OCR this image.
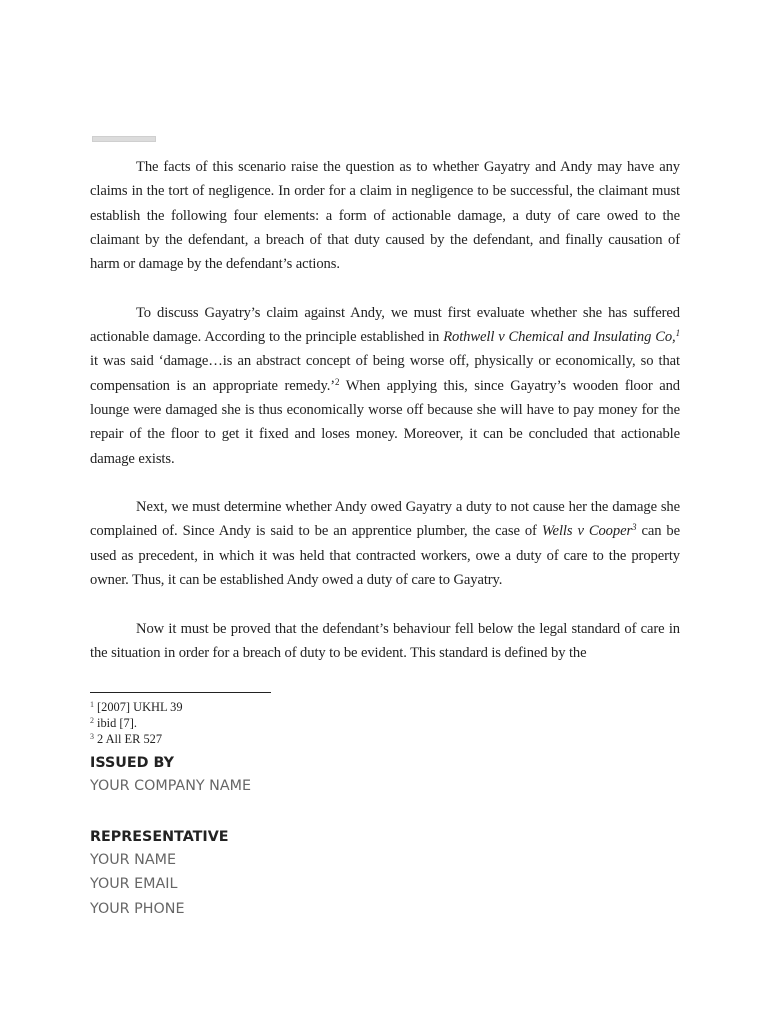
The facts of this scenario raise the question as to whether Gayatry and Andy may have any claims in the tort of negligence. In order for a claim in negligence to be successful, the claimant must establish the following four elements: a form of actionable damage, a duty of care owed to the claimant by the defendant, a breach of that duty caused by the defendant, and finally causation of harm or damage by the defendant’s actions.

To discuss Gayatry’s claim against Andy, we must first evaluate whether she has suffered actionable damage. According to the principle established in Rothwell v Chemical and Insulating Co,$^1$ it was said ‘damage…is an abstract concept of being worse off, physically or economically, so that compensation is an appropriate remedy.’$^2$ When applying this, since Gayatry’s wooden floor and lounge were damaged she is thus economically worse off because she will have to pay money for the repair of the floor to get it fixed and loses money. Moreover, it can be concluded that actionable damage exists.

Next, we must determine whether Andy owed Gayatry a duty to not cause her the damage she complained of. Since Andy is said to be an apprentice plumber, the case of Wells v Cooper$^3$ can be used as precedent, in which it was held that contracted workers, owe a duty of care to the property owner. Thus, it can be established Andy owed a duty of care to Gayatry.

Now it must be proved that the defendant’s behaviour fell below the legal standard of care in the situation in order for a breach of duty to be evident. This standard is defined by the

$^1$ [2007] UKHL 39
$^2$ ibid [7].
$^3$ 2 All ER 527
ISSUED BY
YOUR COMPANY NAME
REPRESENTATIVE
YOUR NAME
YOUR EMAIL
YOUR PHONE
